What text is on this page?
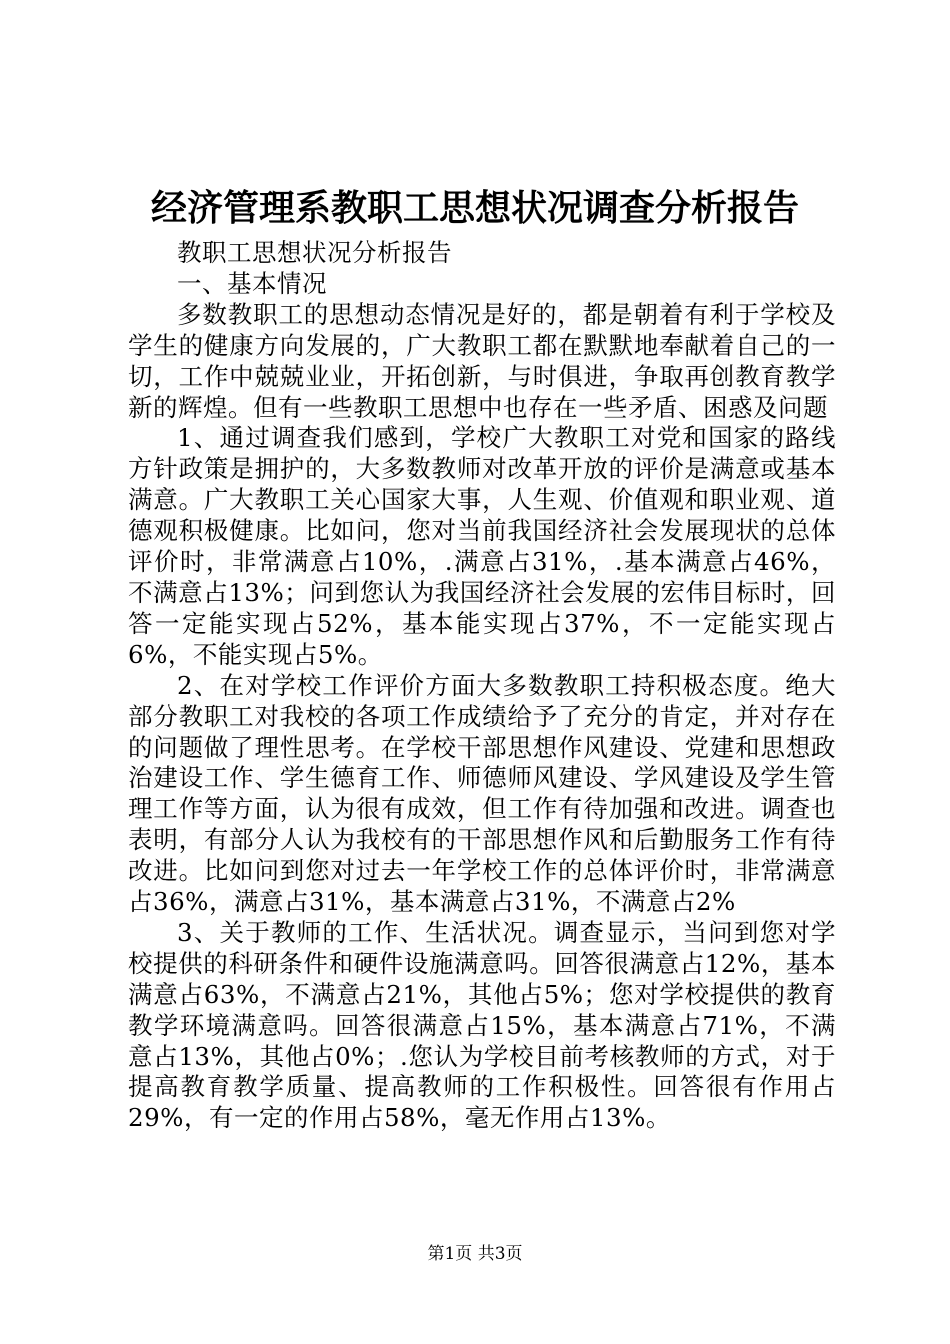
经济管理系教职工思想状况调查分析报告

教职工思想状况分析报告

一、基本情况

多数教职工的思想动态情况是好的，都是朝着有利于学校及学生的健康方向发展的，广大教职工都在默默地奉献着自己的一切，工作中兢兢业业，开拓创新，与时俱进，争取再创教育教学新的辉煌。但有一些教职工思想中也存在一些矛盾、困惑及问题

1、通过调查我们感到，学校广大教职工对党和国家的路线方针政策是拥护的，大多数教师对改革开放的评价是满意或基本满意。广大教职工关心国家大事，人生观、价值观和职业观、道德观积极健康。比如问，您对当前我国经济社会发展现状的总体评价时，非常满意占10%，.满意占31%，.基本满意占46%，不满意占13%；问到您认为我国经济社会发展的宏伟目标时，回答一定能实现占52%，基本能实现占37%，不一定能实现占6%，不能实现占5%。

2、在对学校工作评价方面大多数教职工持积极态度。绝大部分教职工对我校的各项工作成绩给予了充分的肯定，并对存在的问题做了理性思考。在学校干部思想作风建设、党建和思想政治建设工作、学生德育工作、师德师风建设、学风建设及学生管理工作等方面，认为很有成效，但工作有待加强和改进。调查也表明，有部分人认为我校有的干部思想作风和后勤服务工作有待改进。比如问到您对过去一年学校工作的总体评价时，非常满意占36%，满意占31%，基本满意占31%，不满意占2%

3、关于教师的工作、生活状况。调查显示，当问到您对学校提供的科研条件和硬件设施满意吗。回答很满意占12%，基本满意占63%，不满意占21%，其他占5%；您对学校提供的教育教学环境满意吗。回答很满意占15%，基本满意占71%，不满意占13%，其他占0%；.您认为学校目前考核教师的方式，对于提高教育教学质量、提高教师的工作积极性。回答很有作用占29%，有一定的作用占58%，毫无作用占13%。

第1页 共3页
